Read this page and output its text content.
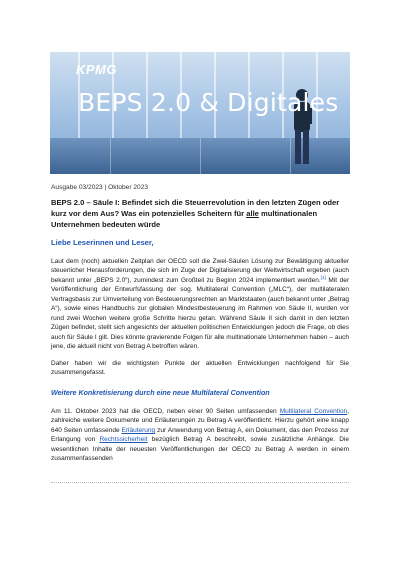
KPMG
BEPS 2.0 & Digitales
Ausgabe 03/2023 | Oktober 2023
BEPS 2.0 – Säule I: Befindet sich die Steuerrevolution in den letzten Zügen oder kurz vor dem Aus? Was ein potenzielles Scheitern für alle multinationalen Unternehmen bedeuten würde
Liebe Leserinnen und Leser,
Laut dem (noch) aktuellen Zeitplan der OECD soll die Zwei-Säulen Lösung zur Bewältigung aktueller steuerlicher Herausforderungen, die sich im Zuge der Digitalisierung der Weltwirtschaft ergeben (auch bekannt unter „BEPS 2.0“), zumindest zum Großteil zu Beginn 2024 implementiert werden.[1] Mit der Veröffentlichung der Entwurfsfassung der sog. Multilateral Convention („MLC“), der multilateralen Vertragsbasis zur Umverteilung von Besteuerungsrechten an Marktstaaten (auch bekannt unter „Betrag A“), sowie eines Handbuchs zur globalen Mindestbesteuerung im Rahmen von Säule II, wurden vor rund zwei Wochen weitere große Schritte hierzu getan. Während Säule II sich damit in den letzten Zügen befindet, stellt sich angesichts der aktuellen politischen Entwicklungen jedoch die Frage, ob dies auch für Säule I gilt. Dies könnte gravierende Folgen für alle multinationale Unternehmen haben – auch jene, die aktuell nicht von Betrag A betroffen wären.
Daher haben wir die wichtigsten Punkte der aktuellen Entwicklungen nachfolgend für Sie zusammengefasst.
Weitere Konkretisierung durch eine neue Multilateral Convention
Am 11. Oktober 2023 hat die OECD, neben einer 90 Seiten umfassenden Multilateral Convention, zahlreiche weitere Dokumente und Erläuterungen zu Betrag A veröffentlicht. Hierzu gehört eine knapp 640 Seiten umfassende Erläuterung zur Anwendung von Betrag A, ein Dokument, das den Prozess zur Erlangung von Rechtssicherheit bezüglich Betrag A beschreibt, sowie zusätzliche Anhänge. Die wesentlichen Inhalte der neuesten Veröffentlichungen der OECD zu Betrag A werden in einem zusammenfassenden
